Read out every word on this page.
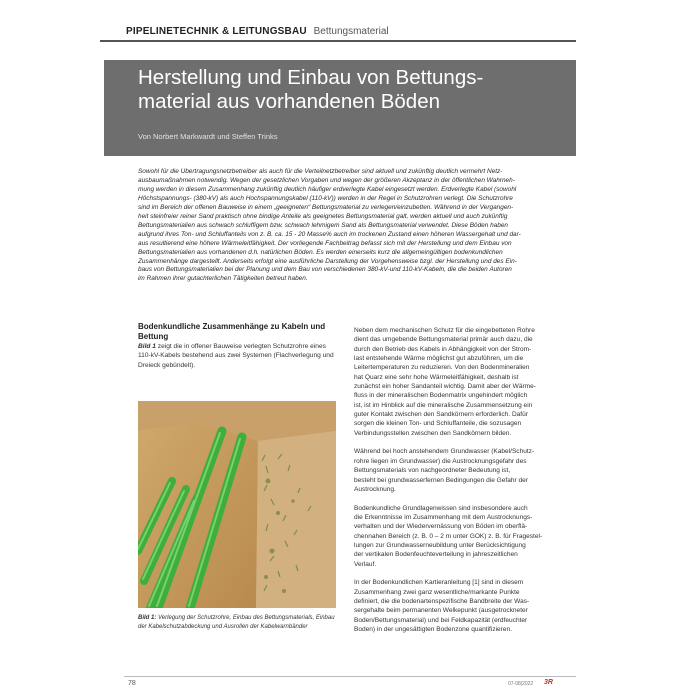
PIPELINETECHNIK & LEITUNGSBAU Bettungsmaterial
Herstellung und Einbau von Bettungs-
material aus vorhandenen Böden
Von Norbert Markwardt und Steffen Trinks
Sowohl für die Übertragungsnetzbetreiber als auch für die Verteilnetzbetreiber sind aktuell und zukünftig deutlich vermehrt Netz-
ausbaumaßnahmen notwendig. Wegen der gesetzlichen Vorgaben und wegen der größeren Akzeptanz in der öffentlichen Wahrneh-
mung werden in diesem Zusammenhang zukünftig deutlich häufiger erdverlegte Kabel eingesetzt werden. Erdverlegte Kabel (sowohl
Höchstspannungs- (380-kV) als auch Hochspannungskabel (110-kV)) werden in der Regel in Schutzrohren verlegt. Die Schutzrohre
sind im Bereich der offenen Bauweise in einem „geeigneten“ Bettungsmaterial zu verlegen/einzubetten. Während in der Vergangen-
heit steinfreier reiner Sand praktisch ohne bindige Anteile als geeignetes Bettungsmaterial galt, werden aktuell und auch zukünftig
Bettungsmaterialien aus schwach schluffigem bzw. schwach lehmigem Sand als Bettungsmaterial verwendet. Diese Böden haben
aufgrund ihres Ton- und Schluffanteils von z. B. ca. 15 - 20 Masse% auch im trockenen Zustand einen höheren Wassergehalt und dar-
aus resultierend eine höhere Wärmeleitfähigkeit. Der vorliegende Fachbeitrag befasst sich mit der Herstellung und dem Einbau von
Bettungsmaterialien aus vorhandenen d.h. natürlichen Böden. Es werden einerseits kurz die allgemeingültigen bodenkundlichen
Zusammenhänge dargestellt. Anderseits erfolgt eine ausführliche Darstellung der Vorgehensweise bzgl. der Herstellung und des Ein-
baus von Bettungsmaterialien bei der Planung und dem Bau von verschiedenen 380-kV-und 110-kV-Kabeln, die die beiden Autoren
im Rahmen ihrer gutachterlichen Tätigkeiten betreut haben.
Bodenkundliche Zusammenhänge zu Kabeln und Bettung
Bild 1 zeigt die in offener Bauweise verlegten Schutzrohre eines 110-kV-Kabels bestehend aus zwei Systemen (Flachverlegung und Dreieck gebündelt).
Bild 1: Verlegung der Schutzrohre, Einbau des Bettungsmaterials, Einbau der Kabelschutzabdeckung und Ausrollen der Kabelwarnbänder
Neben dem mechanischen Schutz für die eingebetteten Rohre
dient das umgebende Bettungsmaterial primär auch dazu, die
durch den Betrieb des Kabels in Abhängigkeit von der Strom-
last entstehende Wärme möglichst gut abzuführen, um die
Leitertemperaturen zu reduzieren. Von den Bodenmineralien
hat Quarz eine sehr hohe Wärmeleitfähigkeit, deshalb ist
zunächst ein hoher Sandanteil wichtig. Damit aber der Wärme-
fluss in der mineralischen Bodenmatrix ungehindert möglich
ist, ist im Hinblick auf die mineralische Zusammensetzung ein
guter Kontakt zwischen den Sandkörnern erforderlich. Dafür
sorgen die kleinen Ton- und Schluffanteile, die sozusagen
Verbindungsstellen zwischen den Sandkörnern bilden.
Während bei hoch anstehendem Grundwasser (Kabel/Schutz-
rohre liegen im Grundwasser) die Austrocknungsgefahr des
Bettungsmaterials von nachgeordneter Bedeutung ist,
besteht bei grundwasserfernen Bedingungen die Gefahr der
Austrocknung.
Bodenkundliche Grundlagenwissen sind insbesondere auch
die Erkenntnisse im Zusammenhang mit dem Austrocknungs-
verhalten und der Wiedervernässung von Böden im oberflä-
chennahen Bereich (z. B. 0 – 2 m unter GOK) z. B. für Fragestel-
lungen zur Grundwasserneubildung unter Berücksichtigung
der vertikalen Bodenfeuchteverteilung in jahreszeitlichen
Verlauf.
In der Bodenkundlichen Kartieranleitung [1] sind in diesem
Zusammenhang zwei ganz wesentliche/markante Punkte
definiert, die die bodenartenspezifische Bandbreite der Was-
sergehalte beim permanenten Welkepunkt (ausgetrockneter
Boden/Bettungsmaterial) und bei Feldkapazität (erdfeuchter
Boden) in der ungesättigten Bodenzone quantifizieren.
78	07-08|2022 3R
